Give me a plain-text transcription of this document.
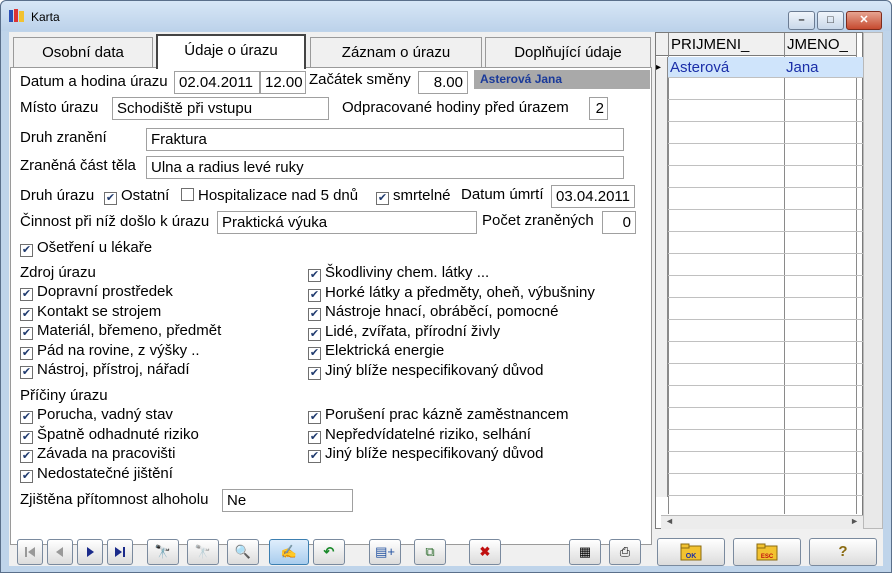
Karta	–	□	✕
Osobní data	Údaje o úrazu	Záznam o úrazu	Doplňující údaje
Datum a hodina úrazu 02.04.2011 12.00 Začátek směny	8.00	Asterová Jana
Místo úrazu	Schodiště při vstupu	Odpracované hodiny před úrazem	2
Druh zranění	Fraktura
Zraněná část těla	Ulna a radius levé ruky
Druh úrazu ✔ Ostatní	Hospitalizace nad 5 dnů ✔ smrtelné Datum úmrtí 03.04.2011
Činnost při níž došlo k úrazu Praktická výuka	Počet zraněných	0
✔ Ošetření u lékaře
Zdroj úrazu
✔ Dopravní prostředek
✔ Kontakt se strojem
✔ Materiál, břemeno, předmět
✔ Pád na rovine, z výšky ..
✔ Nástroj, přístroj, nářadí
✔ Škodliviny chem. látky ...
✔ Horké látky a předměty, oheň, výbušniny
✔ Nástroje hnací, obráběcí, pomocné
✔ Lidé, zvířata, přírodní živly
✔ Elektrická energie
✔ Jiný blíže nespecifikovaný důvod
Příčiny úrazu
✔ Porucha, vadný stav
✔ Špatně odhadnuté riziko
✔ Závada na pracovišti
✔ Nedostatečné jištění
✔ Porušení prac kázně zaměstnancem
✔ Nepředvídatelné riziko, selhání
✔ Jiný blíže nespecifikovaný důvod
Zjištěna přítomnost alhoholu	Ne
PRIJMENI_	JMENO_
▸ Asterová	Jana
◄	►
🔭	🔭	🔍	✍	↶	▤+	⧉	✖	▦	⎙	OK	ESC	?
